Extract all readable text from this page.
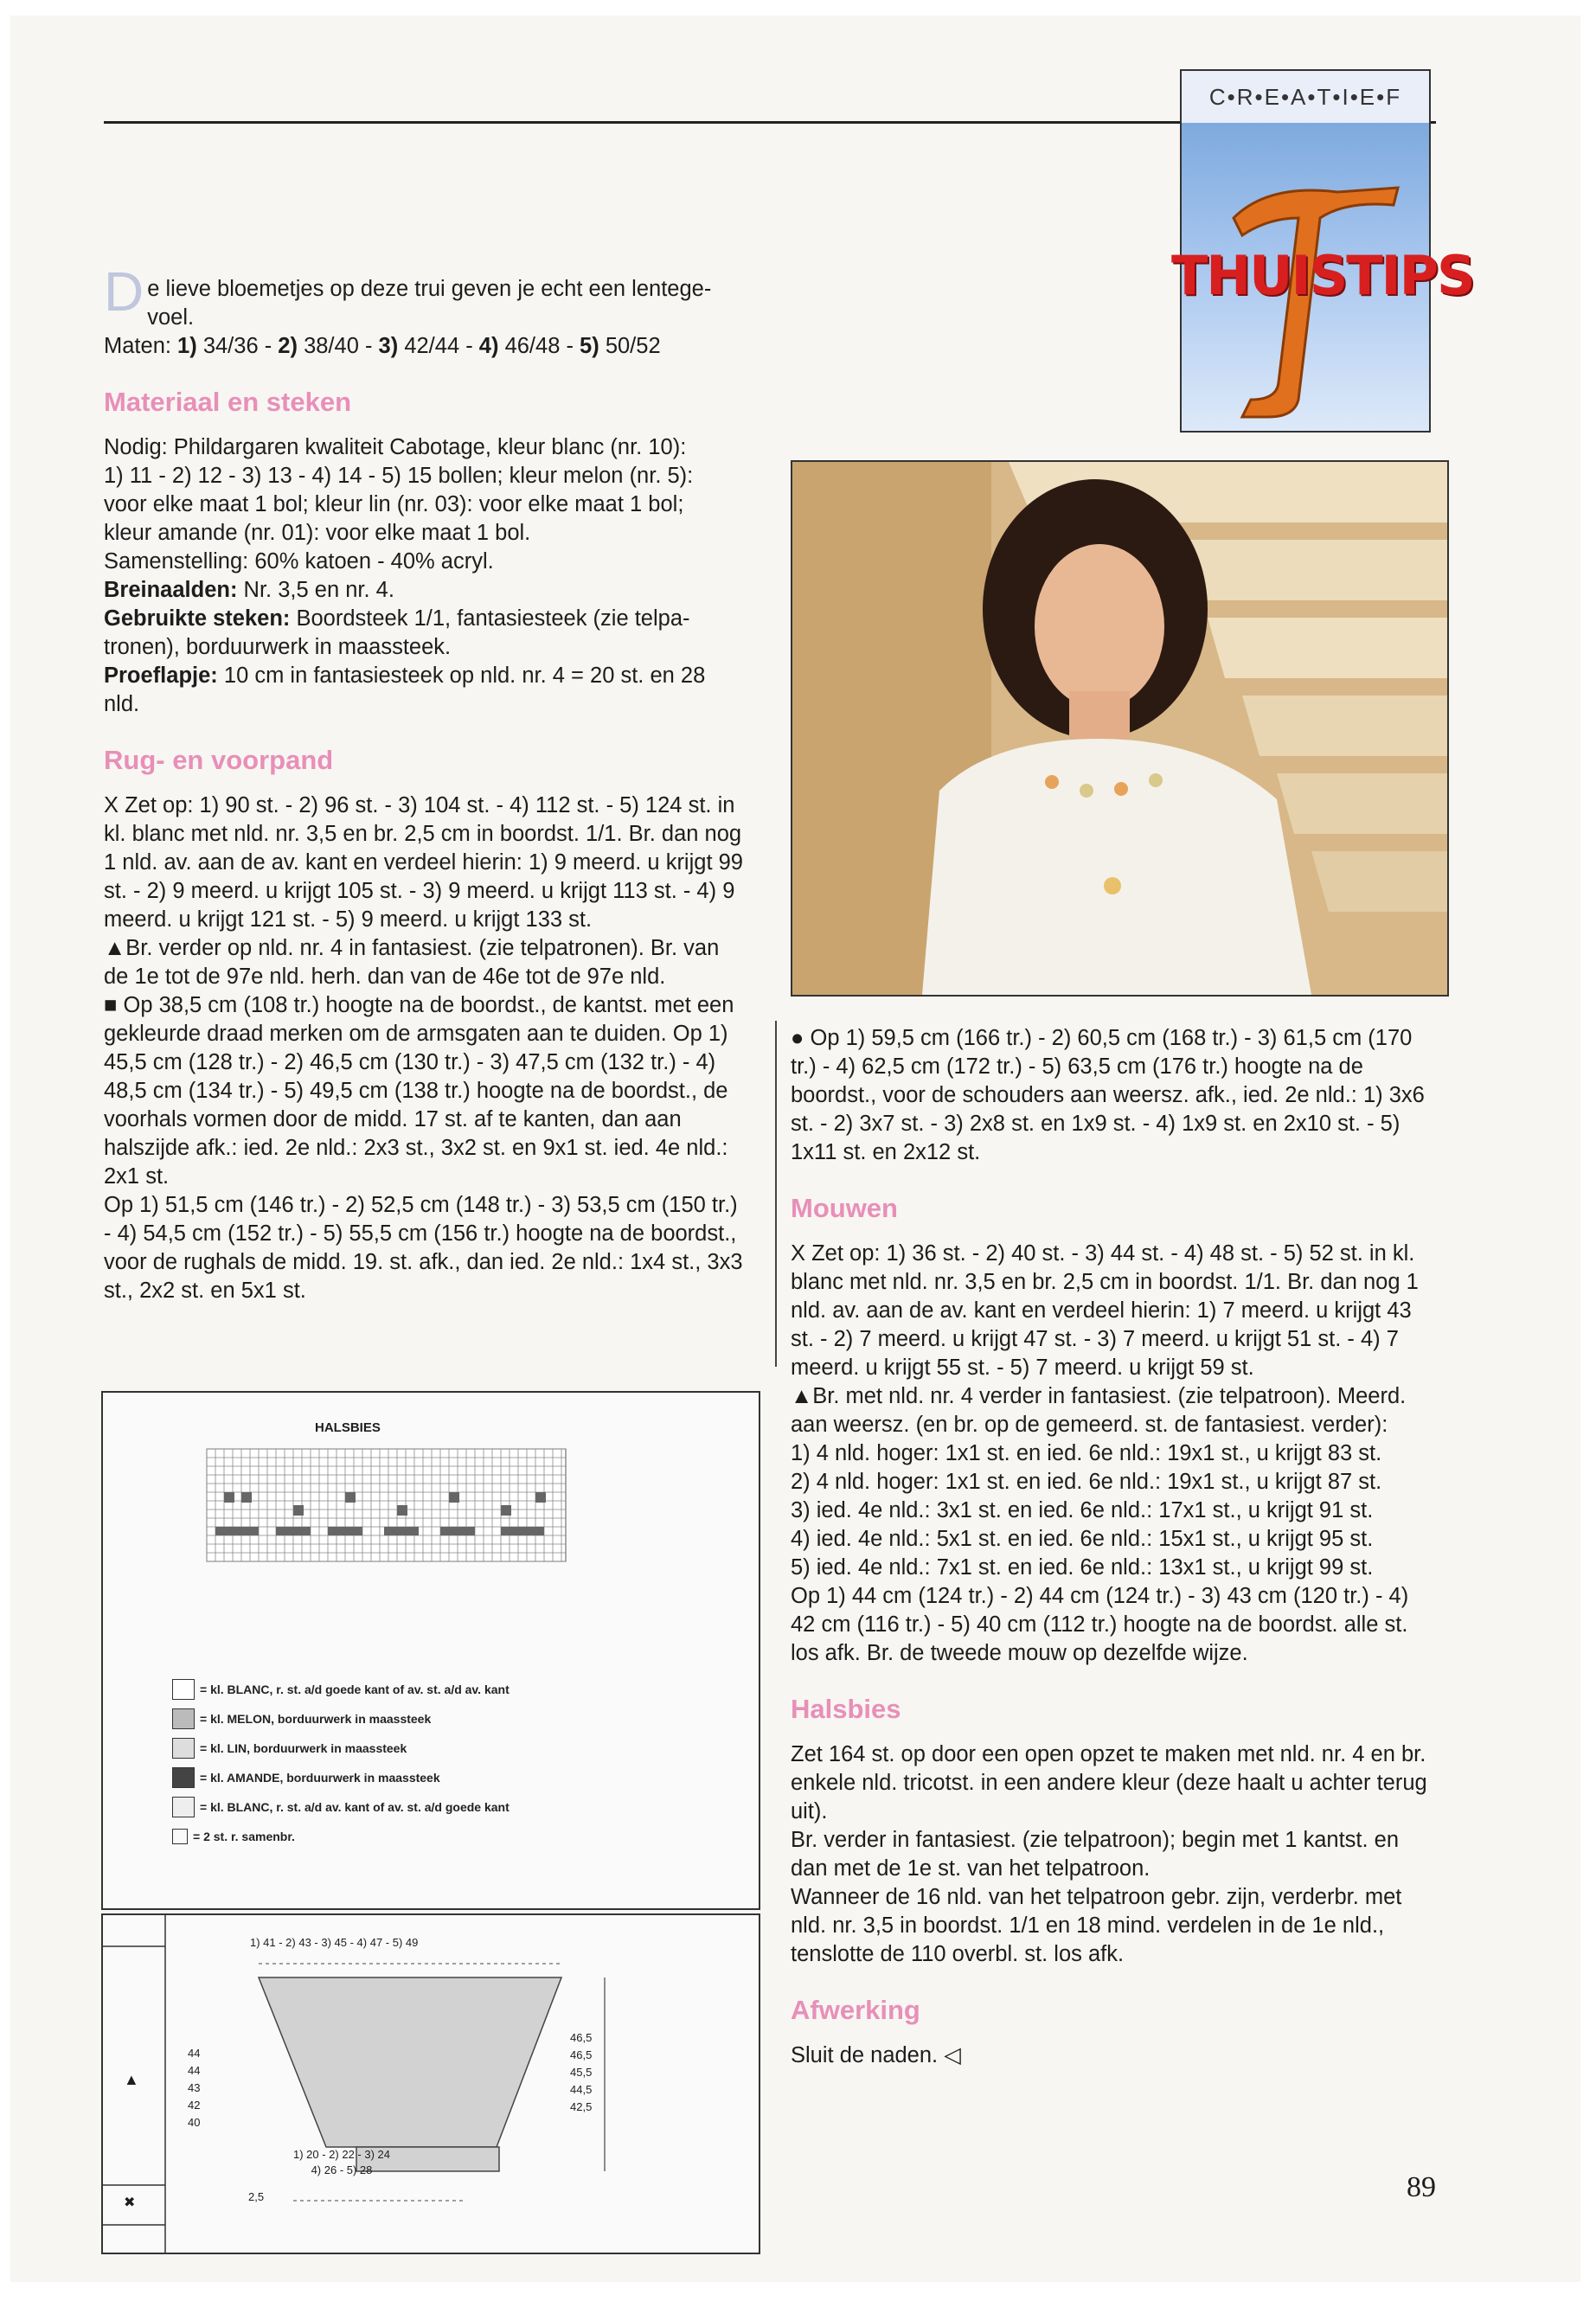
C•R•E•A•T•I•E•F
THUISTIPS

De lieve bloemetjes op deze trui geven je echt een lentege-
voel.

Maten: 1) 34/36 - 2) 38/40 - 3) 42/44 - 4) 46/48 - 5) 50/52

Materiaal en steken

Nodig: Phildargaren kwaliteit Cabotage, kleur blanc (nr. 10):

1) 11 - 2) 12 - 3) 13 - 4) 14 - 5) 15 bollen; kleur melon (nr. 5):

voor elke maat 1 bol; kleur lin (nr. 03): voor elke maat 1 bol;

kleur amande (nr. 01): voor elke maat 1 bol.

Samenstelling: 60% katoen - 40% acryl.

Breinaalden: Nr. 3,5 en nr. 4.

Gebruikte steken: Boordsteek 1/1, fantasiesteek (zie telpa-tronen), borduurwerk in maassteek.

Proeflapje: 10 cm in fantasiesteek op nld. nr. 4 = 20 st. en 28 nld.

Rug- en voorpand

X Zet op: 1) 90 st. - 2) 96 st. - 3) 104 st. - 4) 112 st. - 5) 124 st. in kl. blanc met nld. nr. 3,5 en br. 2,5 cm in boordst. 1/1. Br. dan nog 1 nld. av. aan de av. kant en verdeel hierin: 1) 9 meerd. u krijgt 99 st. - 2) 9 meerd. u krijgt 105 st. - 3) 9 meerd. u krijgt 113 st. - 4) 9 meerd. u krijgt 121 st. - 5) 9 meerd. u krijgt 133 st.

▲Br. verder op nld. nr. 4 in fantasiest. (zie telpatronen). Br. van de 1e tot de 97e nld. herh. dan van de 46e tot de 97e nld.

■ Op 38,5 cm (108 tr.) hoogte na de boordst., de kantst. met een gekleurde draad merken om de armsgaten aan te duiden. Op 1) 45,5 cm (128 tr.) - 2) 46,5 cm (130 tr.) - 3) 47,5 cm (132 tr.) - 4) 48,5 cm (134 tr.) - 5) 49,5 cm (138 tr.) hoogte na de boordst., de voorhals vormen door de midd. 17 st. af te kanten, dan aan halszijde afk.: ied. 2e nld.: 2x3 st., 3x2 st. en 9x1 st. ied. 4e nld.: 2x1 st.

Op 1) 51,5 cm (146 tr.) - 2) 52,5 cm (148 tr.) - 3) 53,5 cm (150 tr.) - 4) 54,5 cm (152 tr.) - 5) 55,5 cm (156 tr.) hoogte na de boordst., voor de rughals de midd. 19. st. afk., dan ied. 2e nld.: 1x4 st., 3x3 st., 2x2 st. en 5x1 st.

● Op 1) 59,5 cm (166 tr.) - 2) 60,5 cm (168 tr.) - 3) 61,5 cm (170 tr.) - 4) 62,5 cm (172 tr.) - 5) 63,5 cm (176 tr.) hoogte na de boordst., voor de schouders aan weersz. afk., ied. 2e nld.: 1) 3x6 st. - 2) 3x7 st. - 3) 2x8 st. en 1x9 st. - 4) 1x9 st. en 2x10 st. - 5) 1x11 st. en 2x12 st.

Mouwen

X Zet op: 1) 36 st. - 2) 40 st. - 3) 44 st. - 4) 48 st. - 5) 52 st. in kl. blanc met nld. nr. 3,5 en br. 2,5 cm in boordst. 1/1. Br. dan nog 1 nld. av. aan de av. kant en verdeel hierin: 1) 7 meerd. u krijgt 43 st. - 2) 7 meerd. u krijgt 47 st. - 3) 7 meerd. u krijgt 51 st. - 4) 7 meerd. u krijgt 55 st. - 5) 7 meerd. u krijgt 59 st.

▲Br. met nld. nr. 4 verder in fantasiest. (zie telpatroon). Meerd. aan weersz. (en br. op de gemeerd. st. de fantasiest. verder):

1) 4 nld. hoger: 1x1 st. en ied. 6e nld.: 19x1 st., u krijgt 83 st.

2) 4 nld. hoger: 1x1 st. en ied. 6e nld.: 19x1 st., u krijgt 87 st.

3) ied. 4e nld.: 3x1 st. en ied. 6e nld.: 17x1 st., u krijgt 91 st.

4) ied. 4e nld.: 5x1 st. en ied. 6e nld.: 15x1 st., u krijgt 95 st.

5) ied. 4e nld.: 7x1 st. en ied. 6e nld.: 13x1 st., u krijgt 99 st.

Op 1) 44 cm (124 tr.) - 2) 44 cm (124 tr.) - 3) 43 cm (120 tr.) - 4) 42 cm (116 tr.) - 5) 40 cm (112 tr.) hoogte na de boordst. alle st. los afk. Br. de tweede mouw op dezelfde wijze.

Halsbies

Zet 164 st. op door een open opzet te maken met nld. nr. 4 en br. enkele nld. tricotst. in een andere kleur (deze haalt u achter terug uit).

Br. verder in fantasiest. (zie telpatroon); begin met 1 kantst. en dan met de 1e st. van het telpatroon.

Wanneer de 16 nld. van het telpatroon gebr. zijn, verderbr. met nld. nr. 3,5 in boordst. 1/1 en 18 mind. verdelen in de 1e nld., tenslotte de 110 overbl. st. los afk.

Afwerking

Sluit de naden. ◁

HALSBIES
= kl. BLANC, r. st. a/d goede kant of av. st. a/d av. kant
= kl. MELON, borduurwerk in maassteek
= kl. LIN, borduurwerk in maassteek
= kl. AMANDE, borduurwerk in maassteek
= kl. BLANC, r. st. a/d av. kant of av. st. a/d goede kant
= 2 st. r. samenbr.
1) 41 - 2) 43 - 3) 45 - 4) 47 - 5) 49
1) 20 - 2) 22 - 3) 24
4) 26 - 5) 28
44
44
43
42
40
46,5
46,5
45,5
44,5
42,5
2,5
▲
✖	89
